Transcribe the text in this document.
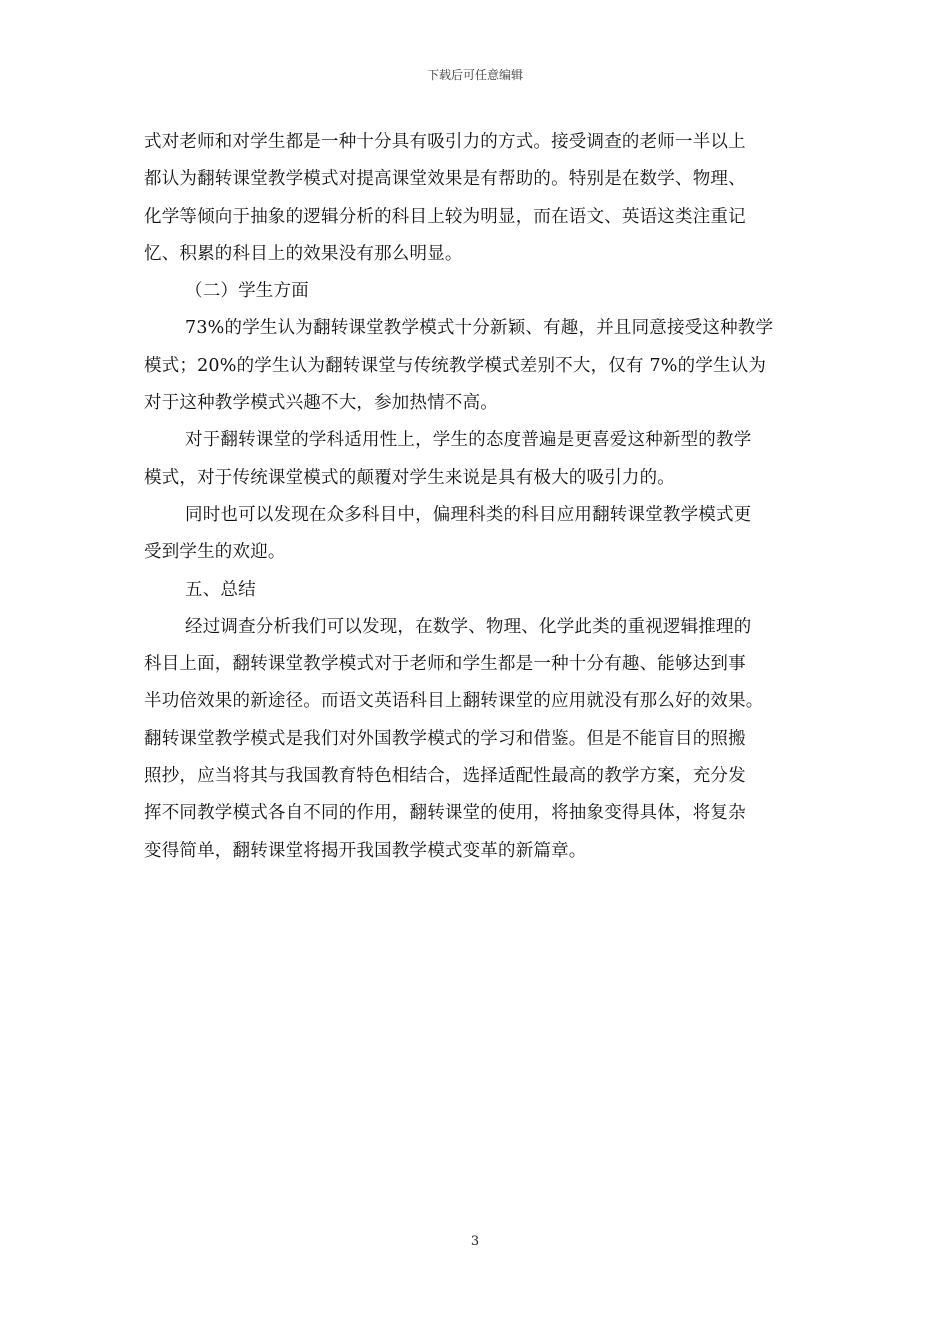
下载后可任意编辑
式对老师和对学生都是一种十分具有吸引力的方式。接受调查的老师一半以上
都认为翻转课堂教学模式对提高课堂效果是有帮助的。特别是在数学、物理、
化学等倾向于抽象的逻辑分析的科目上较为明显，而在语文、英语这类注重记
忆、积累的科目上的效果没有那么明显。
（二）学生方面
73%的学生认为翻转课堂教学模式十分新颖、有趣，并且同意接受这种教学
模式；20%的学生认为翻转课堂与传统教学模式差别不大，仅有 7%的学生认为
对于这种教学模式兴趣不大，参加热情不高。
对于翻转课堂的学科适用性上，学生的态度普遍是更喜爱这种新型的教学
模式，对于传统课堂模式的颠覆对学生来说是具有极大的吸引力的。
同时也可以发现在众多科目中，偏理科类的科目应用翻转课堂教学模式更
受到学生的欢迎。
五、总结
经过调查分析我们可以发现，在数学、物理、化学此类的重视逻辑推理的
科目上面，翻转课堂教学模式对于老师和学生都是一种十分有趣、能够达到事
半功倍效果的新途径。而语文英语科目上翻转课堂的应用就没有那么好的效果。
翻转课堂教学模式是我们对外国教学模式的学习和借鉴。但是不能盲目的照搬
照抄，应当将其与我国教育特色相结合，选择适配性最高的教学方案，充分发
挥不同教学模式各自不同的作用，翻转课堂的使用，将抽象变得具体，将复杂
变得简单，翻转课堂将揭开我国教学模式变革的新篇章。
3
